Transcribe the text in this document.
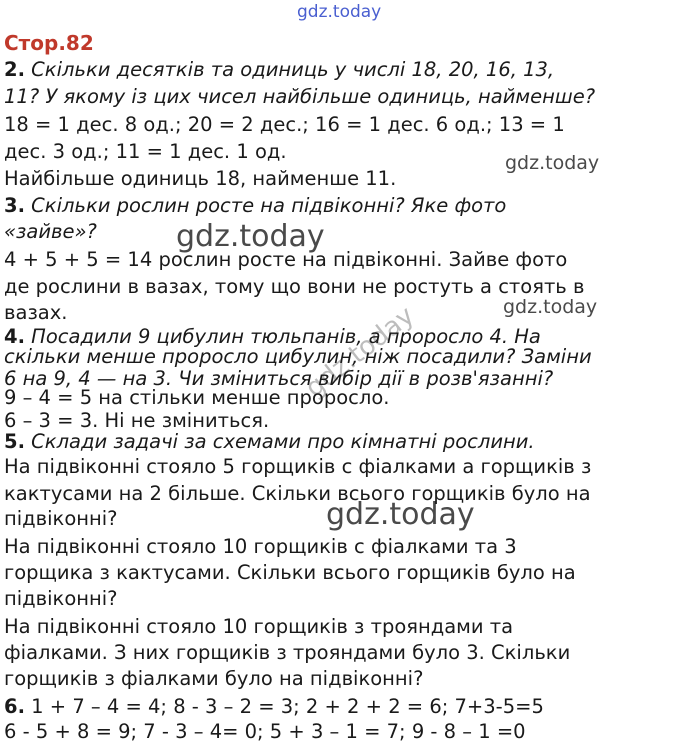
gdz.today
gdz.today
gdz.today
gdz.today
gdz.today
gdz.today
Стор.82
2. Скільки десятків та одиниць у числі 18, 20, 16, 13,
11? У якому із цих чисел найбільше одиниць, найменше?
18 = 1 дес. 8 од.; 20 = 2 дес.; 16 = 1 дес. 6 од.; 13 = 1
дес. 3 од.; 11 = 1 дес. 1 од.
Найбільше одиниць 18, найменше 11.
3. Скільки рослин росте на підвіконні? Яке фото
«зайве»?
4 + 5 + 5 = 14 рослин росте на підвіконні. Зайве фото
де рослини в вазах, тому що вони не ростуть а стоять в
вазах.
4. Посадили 9 цибулин тюльпанів, а проросло 4. На
скільки менше проросло цибулин, ніж посадили? Заміни
6 на 9, 4 — на 3. Чи зміниться вибір дії в розв'язанні?
9 – 4 = 5 на стільки менше проросло.
6 – 3 = 3. Ні не зміниться.
5. Склади задачі за схемами про кімнатні рослини.
На підвіконні стояло 5 горщиків с фіалками а горщиків з
кактусами на 2 більше. Скільки всього горщиків було на
підвіконні?
На підвіконні стояло 10 горщиків с фіалками та 3
горщика з кактусами. Скільки всього горщиків було на
підвіконні?
На підвіконні стояло 10 горщиків з трояндами та
фіалками. З них горщиків з трояндами було 3. Скільки
горщиків з фіалками було на підвіконні?
6. 1 + 7 – 4 = 4; 8 - 3 – 2 = 3; 2 + 2 + 2 = 6; 7+3-5=5
6 - 5 + 8 = 9; 7 - 3 – 4= 0; 5 + 3 – 1 = 7; 9 - 8 – 1 =0
